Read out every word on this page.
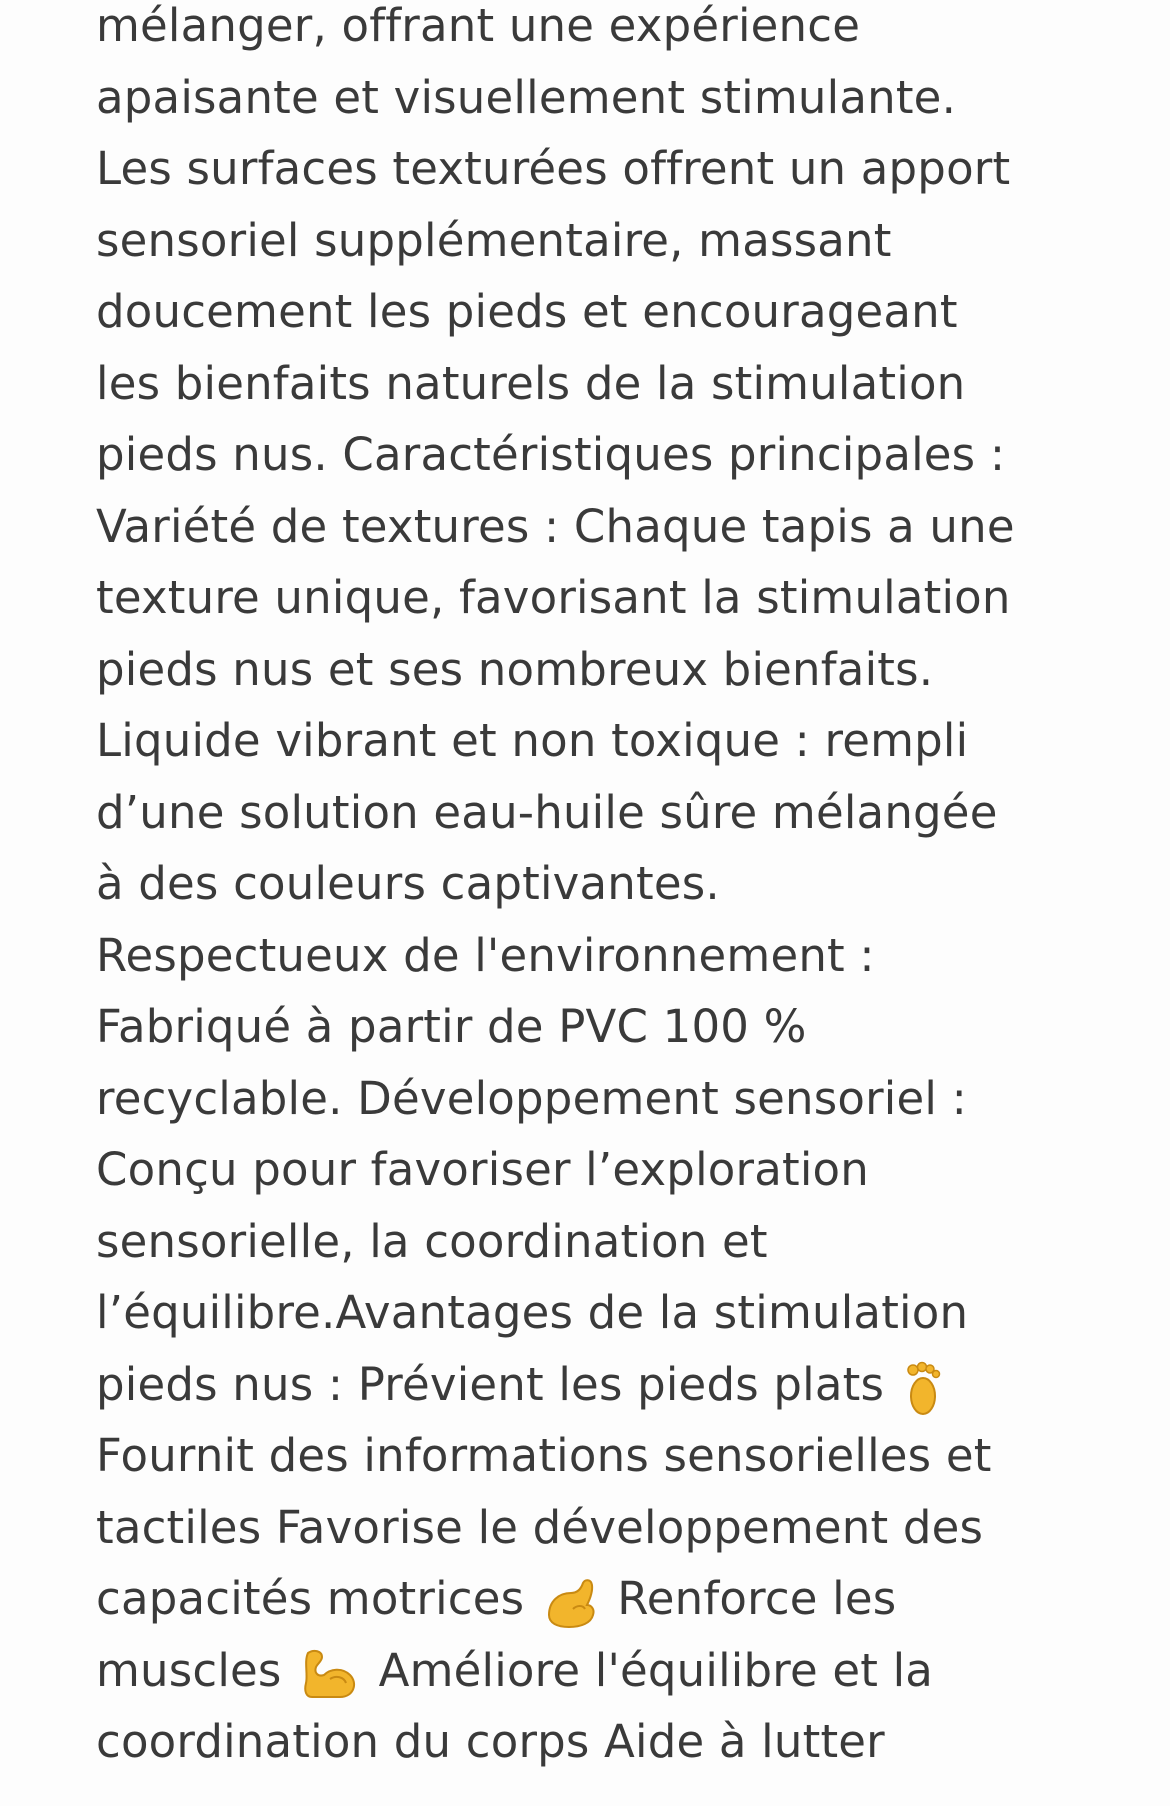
mélanger, offrant une expérience
apaisante et visuellement stimulante.
Les surfaces texturées offrent un apport
sensoriel supplémentaire, massant
doucement les pieds et encourageant
les bienfaits naturels de la stimulation
pieds nus. Caractéristiques principales :
Variété de textures : Chaque tapis a une
texture unique, favorisant la stimulation
pieds nus et ses nombreux bienfaits.
Liquide vibrant et non toxique : rempli
d’une solution eau-huile sûre mélangée
à des couleurs captivantes.
Respectueux de l'environnement :
Fabriqué à partir de PVC 100 %
recyclable. Développement sensoriel :
Conçu pour favoriser l’exploration
sensorielle, la coordination et
l’équilibre.Avantages de la stimulation
pieds nus : Prévient les pieds plats
Fournit des informations sensorielles et
tactiles Favorise le développement des
capacités motrices Renforce les
muscles Améliore l'équilibre et la
coordination du corps Aide à lutter
